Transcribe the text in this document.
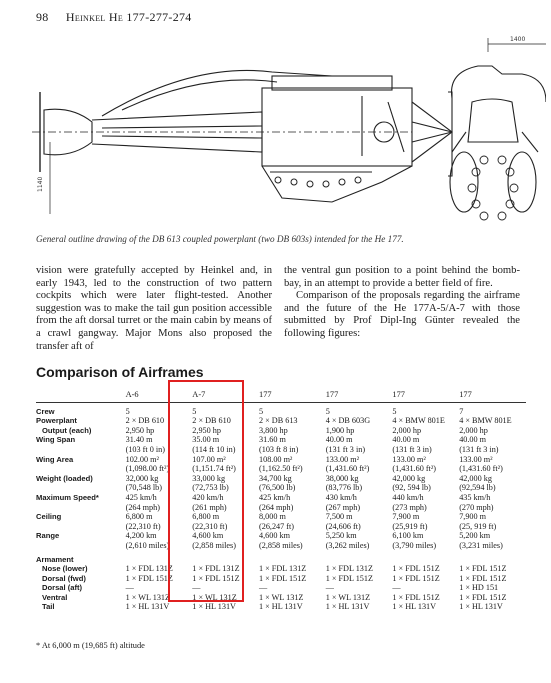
98 Heinkel He 177-277-274
1400
1140
General outline drawing of the DB 613 coupled powerplant (two DB 603s) intended for the He 177.

vision were gratefully accepted by Heinkel and, in early 1943, led to the construction of two pattern cockpits which were later flight-tested. Another suggestion was to make the tail gun position accessible from the aft dorsal turret or the main cabin by means of a crawl gangway. Major Mons also proposed the transfer aft of

the ventral gun position to a point behind the bomb-bay, in an attempt to provide a better field of fire.

Comparison of the proposals regarding the airframe and the future of the He 177A-5/A-7 with those submitted by Prof Dipl-Ing Günter revealed the following figures:

Comparison of Airframes
	A-6	A-7	177	177	177	177
Crew	5	5	5	5	5	7
Powerplant	2 × DB 610	2 × DB 610	2 × DB 613	4 × DB 603G	4 × BMW 801E	4 × BMW 801E
Output (each)	2,950 hp	2,950 hp	3,800 hp	1,900 hp	2,000 hp	2,000 hp
Wing Span	31.40 m	35.00 m	31.60 m	40.00 m	40.00 m	40.00 m
	(103 ft 0 in)	(114 ft 10 in)	(103 ft 8 in)	(131 ft 3 in)	(131 ft 3 in)	(131 ft 3 in)
Wing Area	102.00 m²	107.00 m²	108.00 m²	133.00 m²	133.00 m²	133.00 m²
	(1,098.00 ft²)	(1,151.74 ft²)	(1,162.50 ft²)	(1,431.60 ft²)	(1,431.60 ft²)	(1,431.60 ft²)
Weight (loaded)	32,000 kg	33,000 kg	34,700 kg	38,000 kg	42,000 kg	42,000 kg
	(70,548 lb)	(72,753 lb)	(76,500 lb)	(83,776 lb)	(92, 594 lb)	(92,594 lb)
Maximum Speed*	425 km/h	420 km/h	425 km/h	430 km/h	440 km/h	435 km/h
	(264 mph)	(261 mph)	(264 mph)	(267 mph)	(273 mph)	(270 mph)
Ceiling	6,800 m	6,800 m	8,000 m	7,500 m	7,900 m	7,900 m
	(22,310 ft)	(22,310 ft)	(26,247 ft)	(24,606 ft)	(25,919 ft)	(25, 919 ft)
Range	4,200 km	4,600 km	4,600 km	5,250 km	6,100 km	5,200 km
	(2,610 miles)	(2,858 miles)	(2,858 miles)	(3,262 miles)	(3,790 miles)	(3,231 miles)

Armament						
Nose (lower)	1 × FDL 131Z	1 × FDL 131Z	1 × FDL 131Z	1 × FDL 131Z	1 × FDL 151Z	1 × FDL 151Z
Dorsal (fwd)	1 × FDL 151Z	1 × FDL 151Z	1 × FDL 151Z	1 × FDL 151Z	1 × FDL 151Z	1 × FDL 151Z
Dorsal (aft)	—	—	—	—	—	1 × HD 151
Ventral	1 × WL 131Z	1 × WL 131Z	1 × WL 131Z	1 × WL 131Z	1 × FDL 151Z	1 × FDL 151Z
Tail	1 × HL 131V	1 × HL 131V	1 × HL 131V	1 × HL 131V	1 × HL 131V	1 × HL 131V
* At 6,000 m (19,685 ft) altitude
